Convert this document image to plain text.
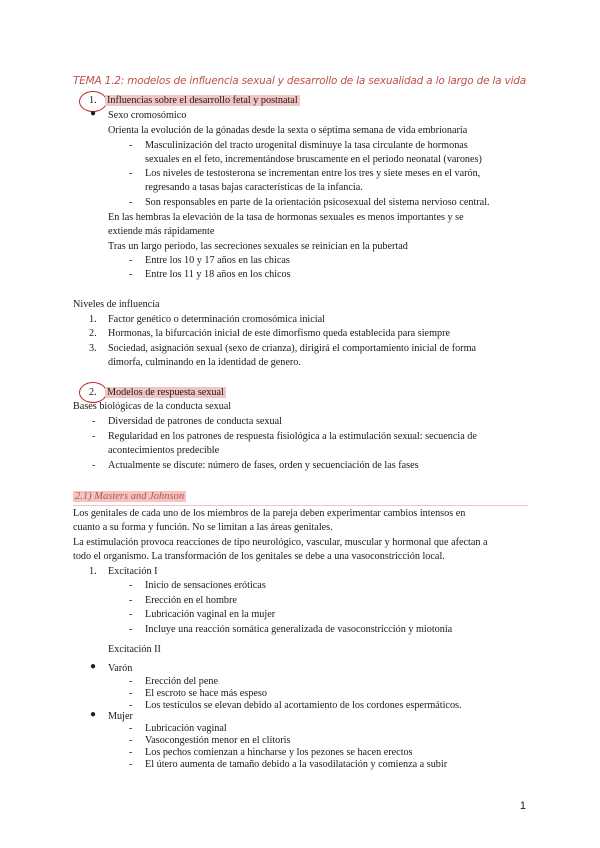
TEMA 1.2: modelos de influencia sexual y desarrollo de la sexualidad a lo largo de la vida
1. Influencias sobre el desarrollo fetal y postnatal
● Sexo cromosómico
Orienta la evolución de la gónadas desde la sexta o séptima semana de vida embrionaria
- Masculinización del tracto urogenital disminuye la tasa circulante de hormonas
sexuales en el feto, incrementándose bruscamente en el periodo neonatal (varones)
- Los niveles de testosterona se incrementan entre los tres y siete meses en el varón,
regresando a tasas bajas características de la infancia.
- Son responsables en parte de la orientación psicosexual del sistema nervioso central.
En las hembras la elevación de la tasa de hormonas sexuales es menos importantes y se
extiende más rápidamente
Tras un largo periodo, las secreciones sexuales se reinician en la pubertad
- Entre los 10 y 17 años en las chicas
- Entre los 11 y 18 años en los chicos
Niveles de influencia
1. Factor genético o determinación cromosómica inicial
2. Hormonas, la bifurcación inicial de este dimorfismo queda establecida para siempre
3. Sociedad, asignación sexual (sexo de crianza), dirigirá el comportamiento inicial de forma
dimorfa, culminando en la identidad de genero.
2. Modelos de respuesta sexual
Bases biológicas de la conducta sexual
- Diversidad de patrones de conducta sexual
- Regularidad en los patrones de respuesta fisiológica a la estimulación sexual: secuencia de
acontecimientos predecible
- Actualmente se discute: número de fases, orden y secuenciación de las fases
2.1) Masters and Johnson
Los genitales de cada uno de los miembros de la pareja deben experimentar cambios intensos en
cuanto a su forma y función. No se limitan a las áreas genitales.
La estimulación provoca reacciones de tipo neurológico, vascular, muscular y hormonal que afectan a
todo el organismo. La transformación de los genitales se debe a una vasoconstricción local.
1. Excitación I
- Inicio de sensaciones eróticas
- Erección en el hombre
- Lubricación vaginal en la mujer
- Incluye una reacción somática generalizada de vasoconstricción y miotonía
Excitación II
● Varón
- Erección del pene
- El escroto se hace más espeso
- Los testículos se elevan debido al acortamiento de los cordones espermáticos.
● Mujer
- Lubricación vaginal
- Vasocongestión menor en el clítoris
- Los pechos comienzan a hincharse y los pezones se hacen erectos
- El útero aumenta de tamaño debido a la vasodilatación y comienza a subir
1
